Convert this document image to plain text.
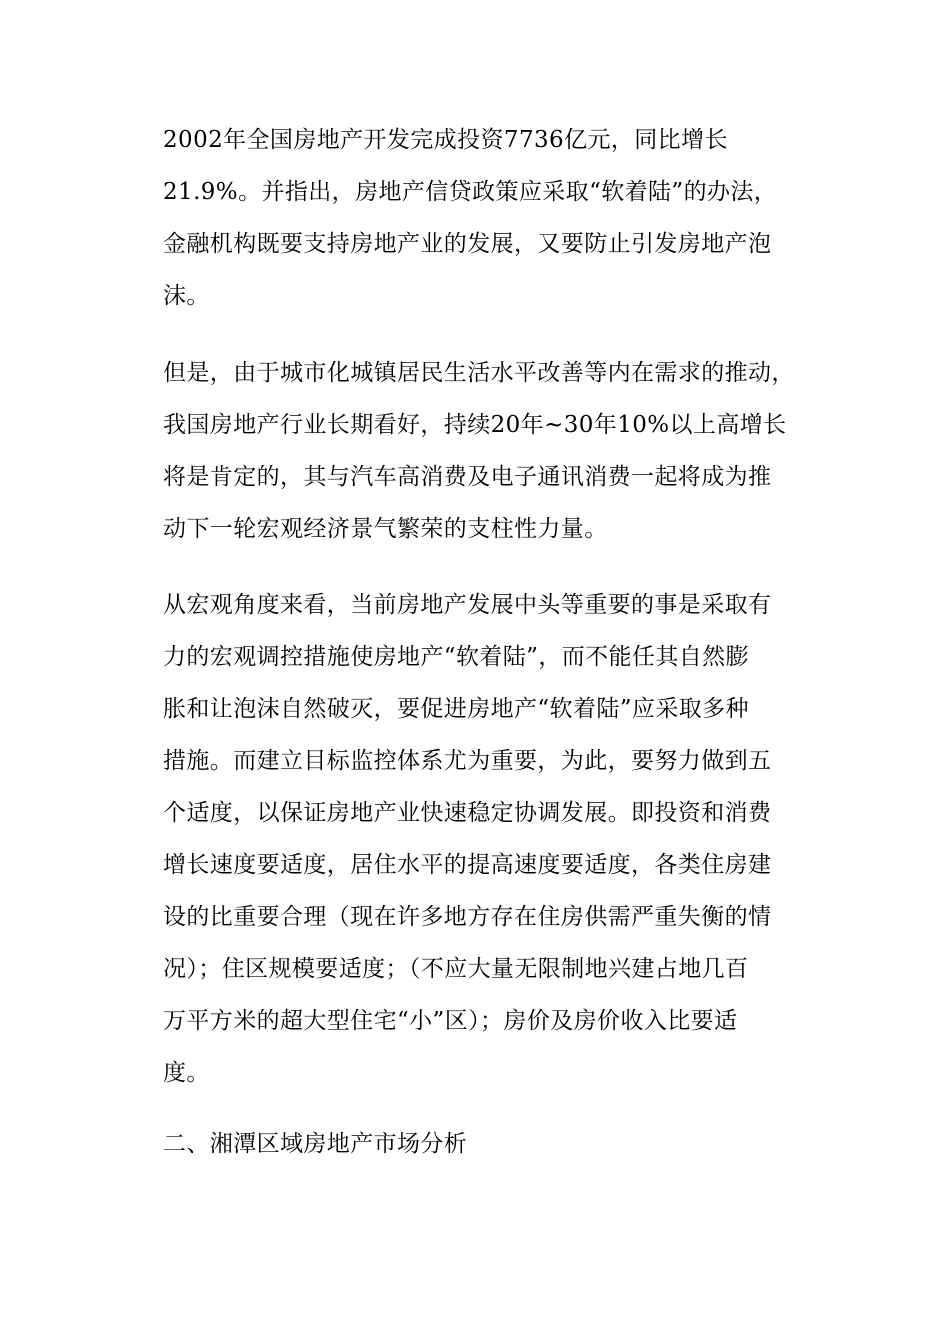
2002年全国房地产开发完成投资7736亿元，同比增长
21.9%。并指出，房地产信贷政策应采取“软着陆”的办法，
金融机构既要支持房地产业的发展，又要防止引发房地产泡
沫。
但是，由于城市化城镇居民生活水平改善等内在需求的推动，
我国房地产行业长期看好，持续20年~30年10%以上高增长
将是肯定的，其与汽车高消费及电子通讯消费一起将成为推
动下一轮宏观经济景气繁荣的支柱性力量。
从宏观角度来看，当前房地产发展中头等重要的事是采取有
力的宏观调控措施使房地产“软着陆”，而不能任其自然膨
胀和让泡沫自然破灭，要促进房地产“软着陆”应采取多种
措施。而建立目标监控体系尤为重要，为此，要努力做到五
个适度，以保证房地产业快速稳定协调发展。即投资和消费
增长速度要适度，居住水平的提高速度要适度，各类住房建
设的比重要合理（现在许多地方存在住房供需严重失衡的情
况）；住区规模要适度；（不应大量无限制地兴建占地几百
万平方米的超大型住宅“小”区）；房价及房价收入比要适
度。
二、湘潭区域房地产市场分析
